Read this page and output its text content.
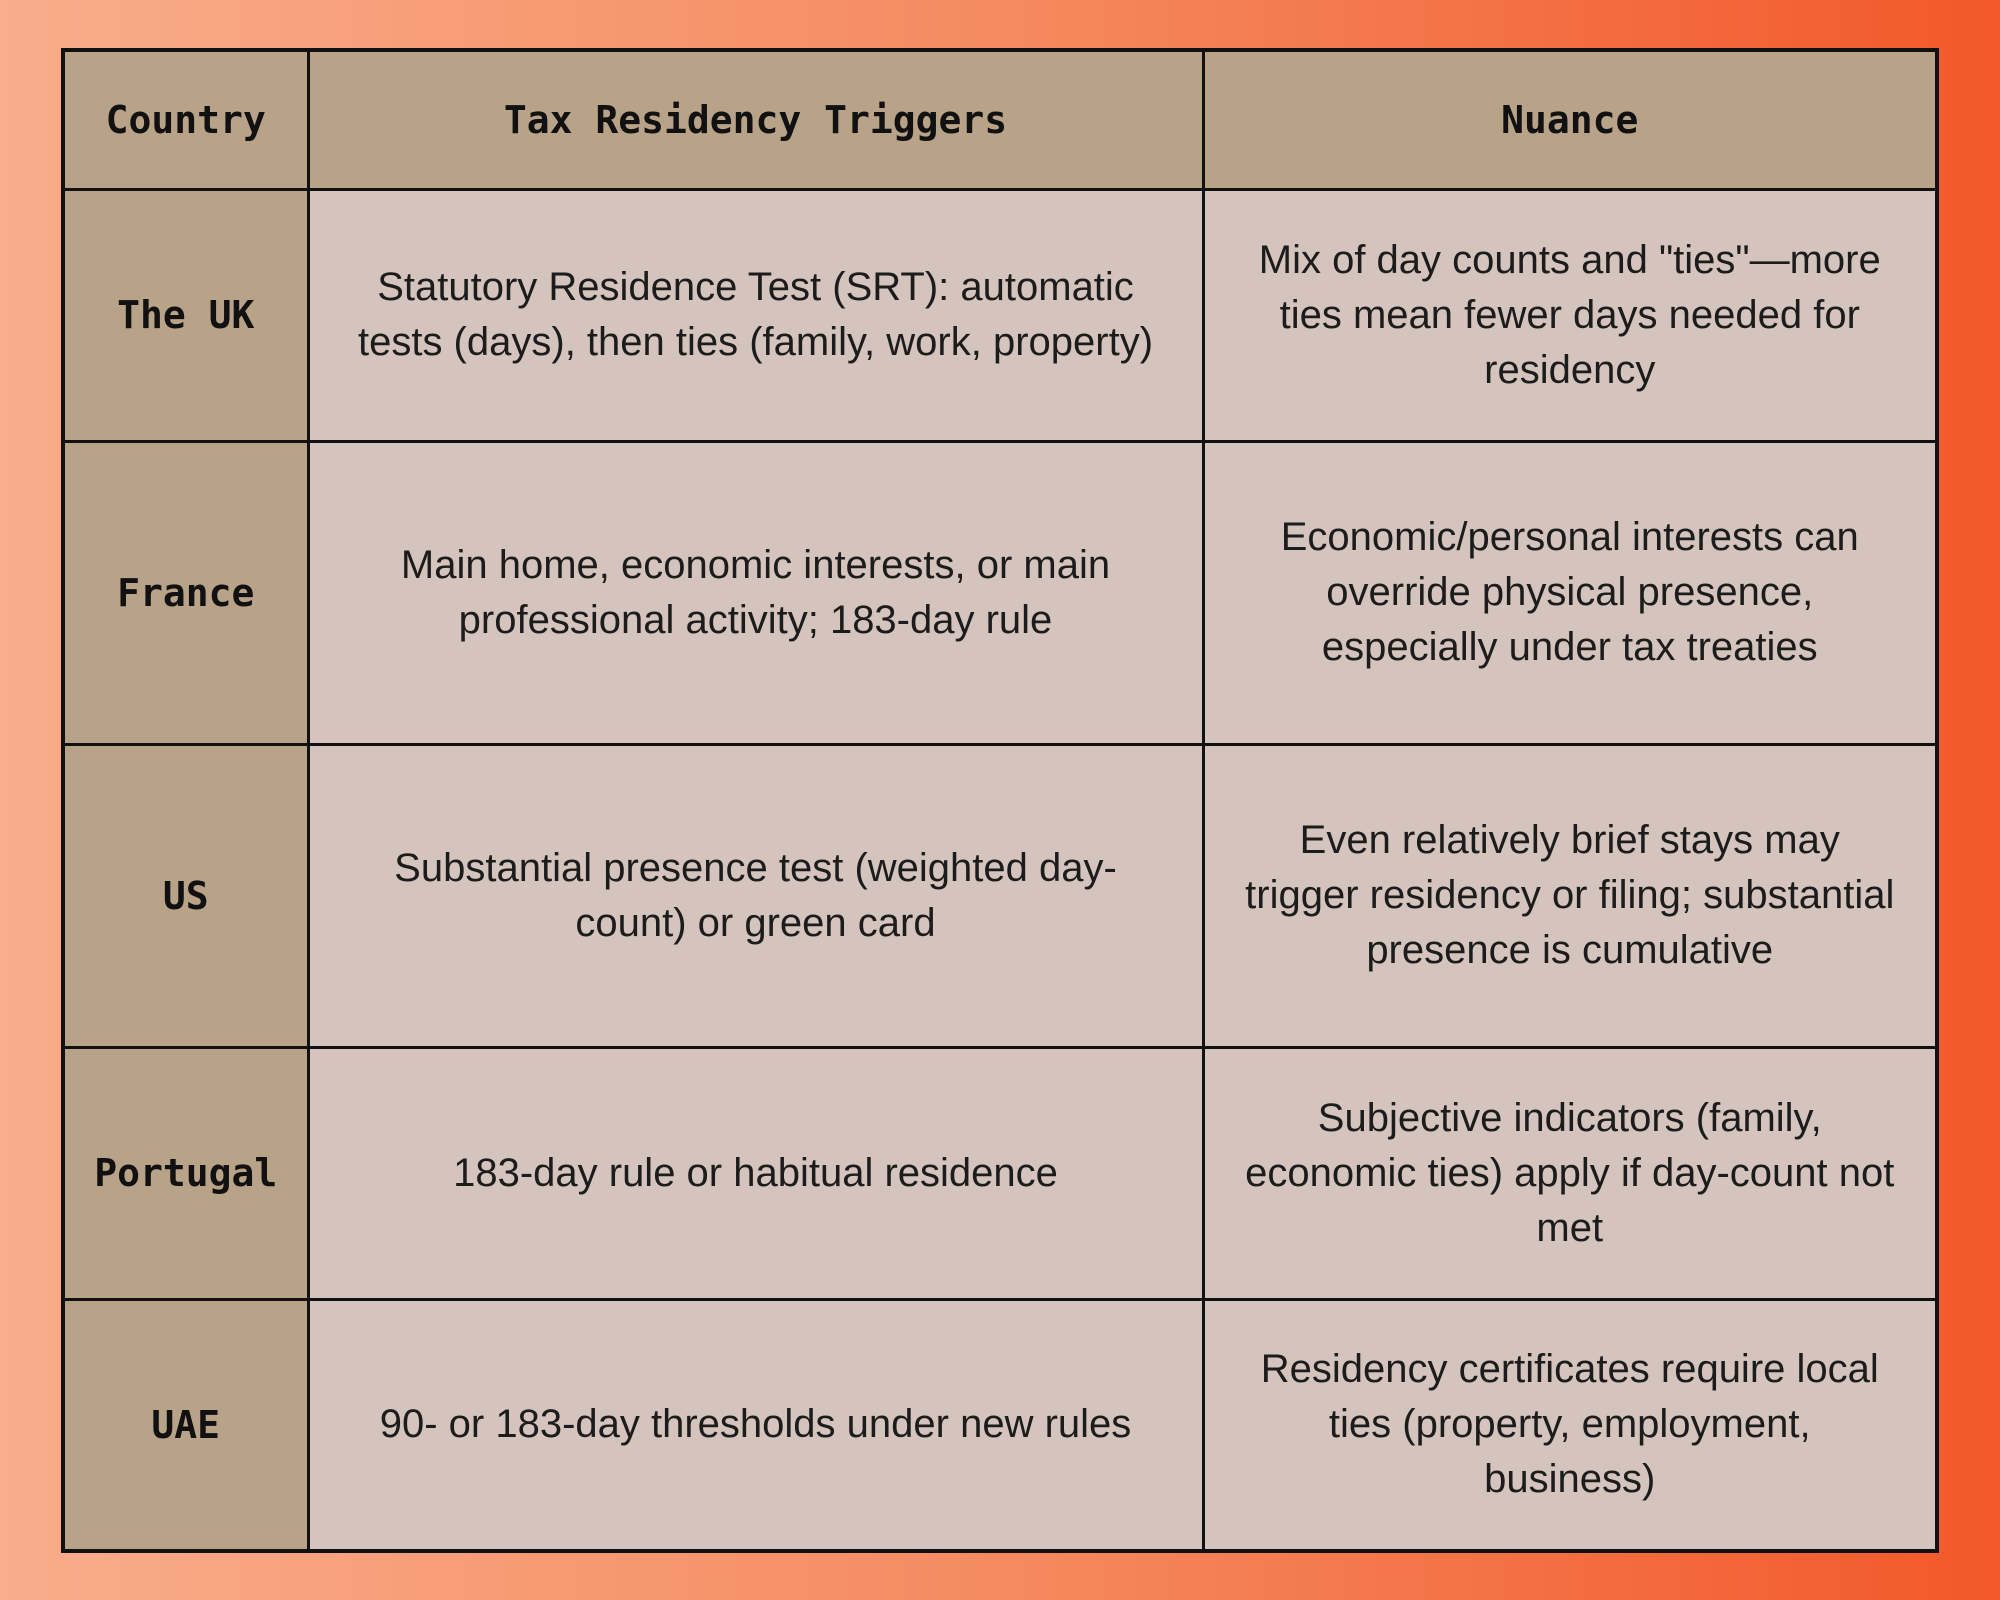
Country	Tax Residency Triggers	Nuance
The UK	Statutory Residence Test (SRT): automatic tests (days), then ties (family, work, property)	Mix of day counts and "ties"—more ties mean fewer days needed for residency
France	Main home, economic interests, or main professional activity; 183-day rule	Economic/personal interests can override physical presence, especially under tax treaties
US	Substantial presence test (weighted day-count) or green card	Even relatively brief stays may trigger residency or filing; substantial presence is cumulative
Portugal	183-day rule or habitual residence	Subjective indicators (family, economic ties) apply if day-count not met
UAE	90- or 183-day thresholds under new rules	Residency certificates require local ties (property, employment, business)
